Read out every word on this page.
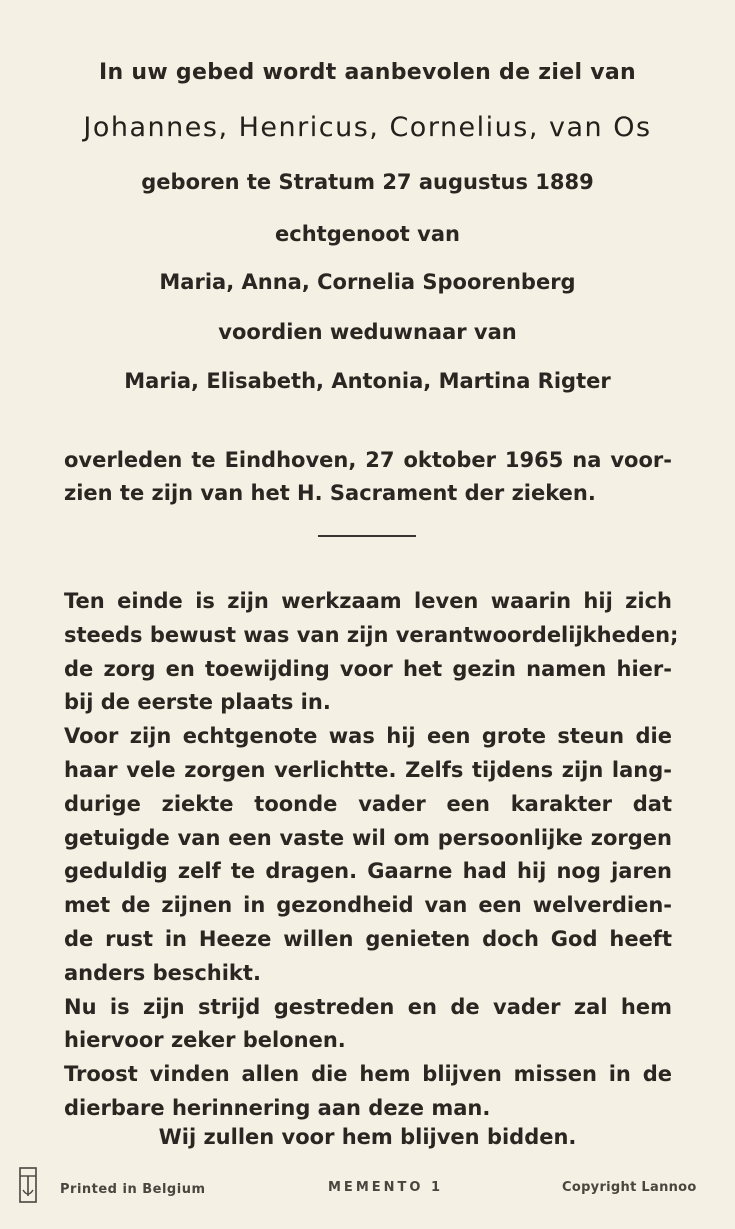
In uw gebed wordt aanbevolen de ziel van
Johannes, Henricus, Cornelius, van Os
geboren te Stratum 27 augustus 1889
echtgenoot van
Maria, Anna, Cornelia Spoorenberg
voordien weduwnaar van
Maria, Elisabeth, Antonia, Martina Rigter
overleden te Eindhoven, 27 oktober 1965 na voor-
zien te zijn van het H. Sacrament der zieken.
Ten einde is zijn werkzaam leven waarin hij zich
steeds bewust was van zijn verantwoordelijkheden;
de zorg en toewijding voor het gezin namen hier-
bij de eerste plaats in.
Voor zijn echtgenote was hij een grote steun die
haar vele zorgen verlichtte. Zelfs tijdens zijn lang-
durige ziekte toonde vader een karakter dat
getuigde van een vaste wil om persoonlijke zorgen
geduldig zelf te dragen. Gaarne had hij nog jaren
met de zijnen in gezondheid van een welverdien-
de rust in Heeze willen genieten doch God heeft
anders beschikt.
Nu is zijn strijd gestreden en de vader zal hem
hiervoor zeker belonen.
Troost vinden allen die hem blijven missen in de
dierbare herinnering aan deze man.
Wij zullen voor hem blijven bidden.
Printed in Belgium	MEMENTO 1	Copyright Lannoo
